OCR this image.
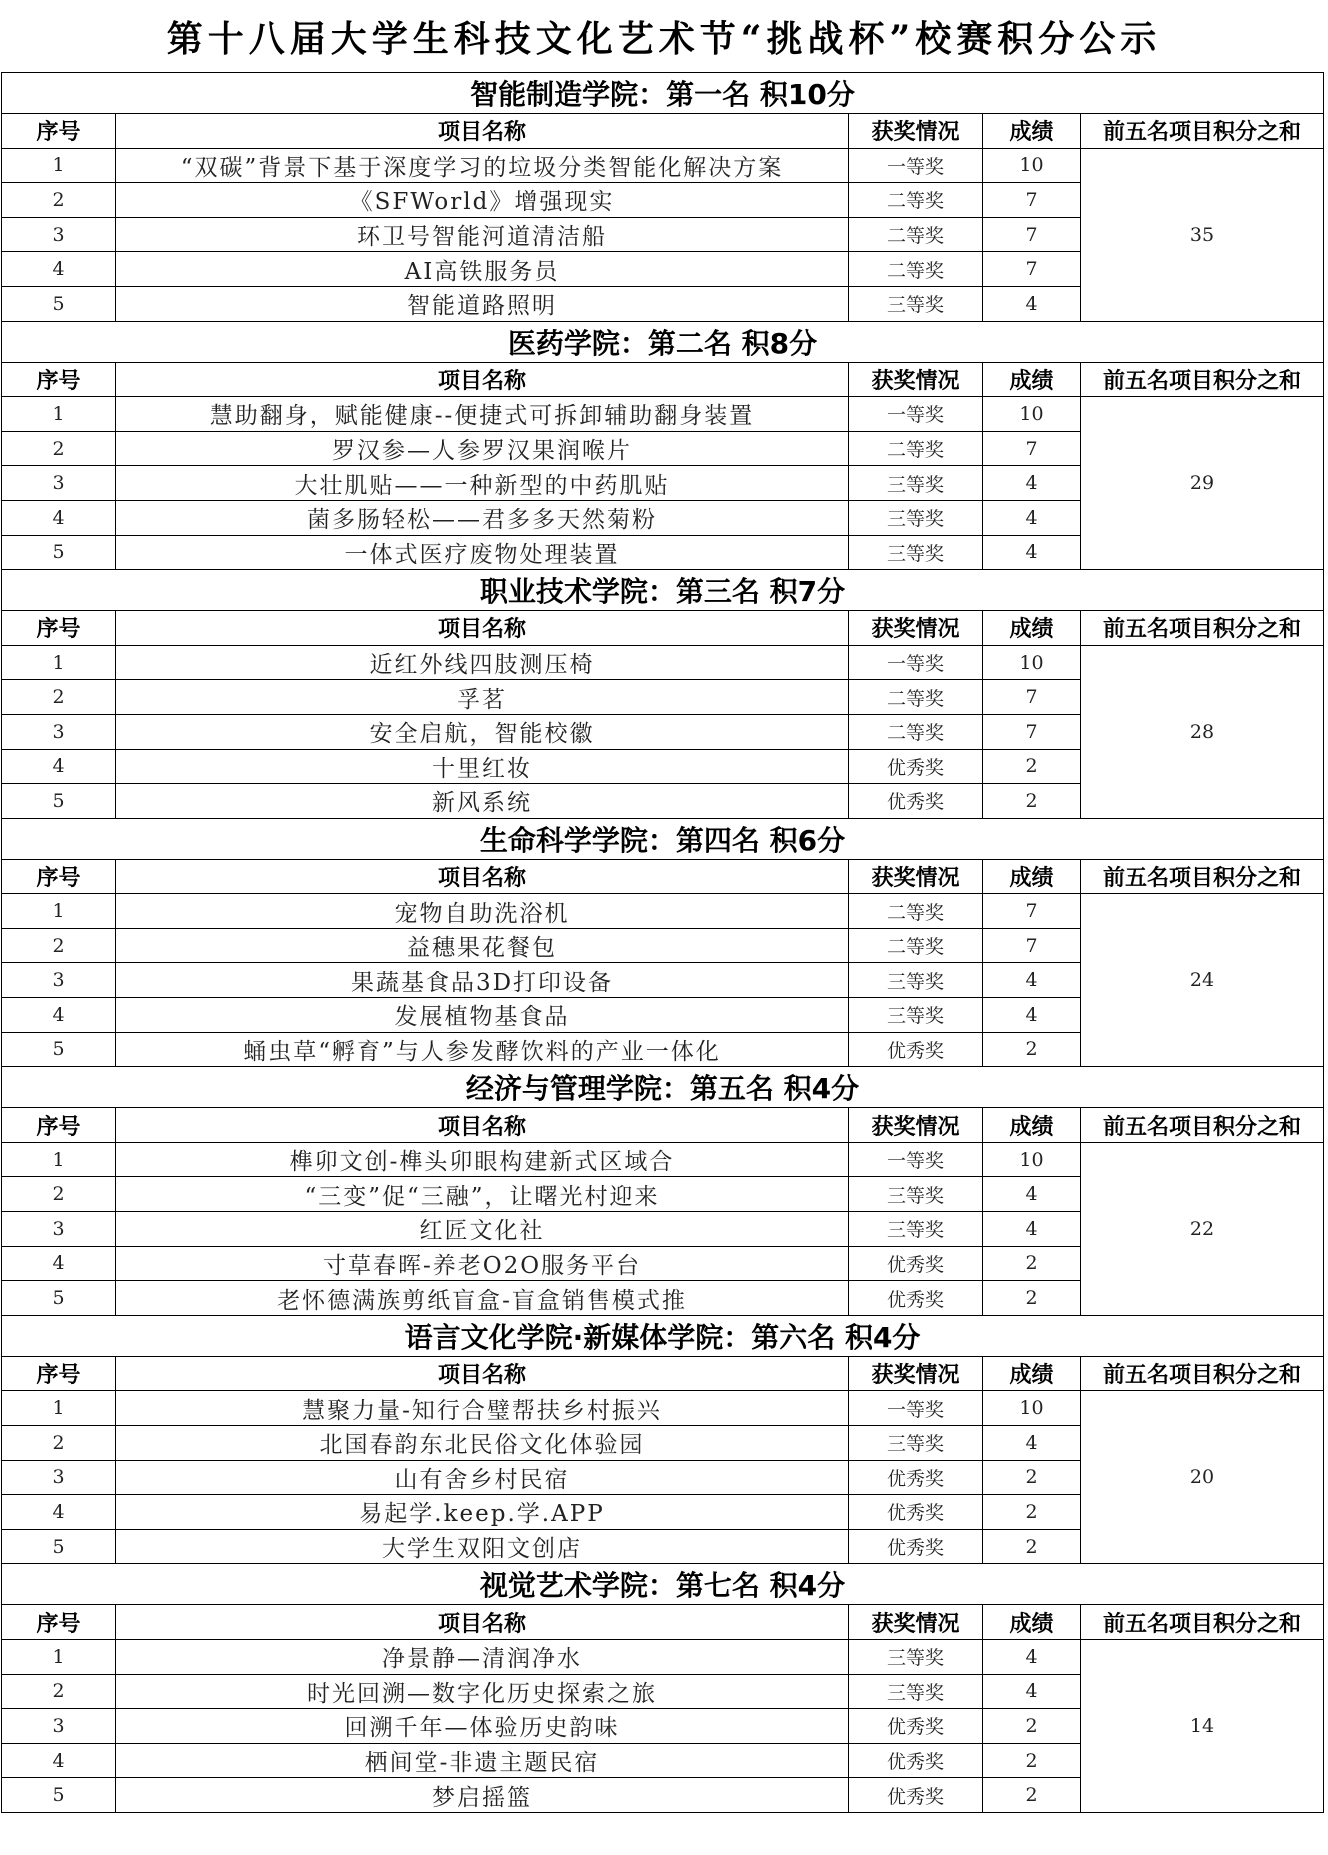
第十八届大学生科技文化艺术节“挑战杯”校赛积分公示
智能制造学院：第一名 积10分				
序号	项目名称	获奖情况	成绩	前五名项目积分之和
1	“双碳”背景下基于深度学习的垃圾分类智能化解决方案	一等奖	10	35
2	《SFWorld》增强现实	二等奖	7	
3	环卫号智能河道清洁船	二等奖	7	
4	AI高铁服务员	二等奖	7	
5	智能道路照明	三等奖	4	
医药学院：第二名 积8分				
序号	项目名称	获奖情况	成绩	前五名项目积分之和
1	慧助翻身，赋能健康--便捷式可拆卸辅助翻身装置	一等奖	10	29
2	罗汉参—人参罗汉果润喉片	二等奖	7	
3	大壮肌贴——一种新型的中药肌贴	三等奖	4	
4	菌多肠轻松——君多多天然菊粉	三等奖	4	
5	一体式医疗废物处理装置	三等奖	4	
职业技术学院：第三名 积7分				
序号	项目名称	获奖情况	成绩	前五名项目积分之和
1	近红外线四肢测压椅	一等奖	10	28
2	孚茗	二等奖	7	
3	安全启航，智能校徽	二等奖	7	
4	十里红妆	优秀奖	2	
5	新风系统	优秀奖	2	
生命科学学院：第四名 积6分				
序号	项目名称	获奖情况	成绩	前五名项目积分之和
1	宠物自助洗浴机	二等奖	7	24
2	益穗果花餐包	二等奖	7	
3	果蔬基食品3D打印设备	三等奖	4	
4	发展植物基食品	三等奖	4	
5	蛹虫草“孵育”与人参发酵饮料的产业一体化	优秀奖	2	
经济与管理学院：第五名 积4分				
序号	项目名称	获奖情况	成绩	前五名项目积分之和
1	榫卯文创-榫头卯眼构建新式区域合	一等奖	10	22
2	“三变”促“三融”，让曙光村迎来	三等奖	4	
3	红匠文化社	三等奖	4	
4	寸草春晖-养老O2O服务平台	优秀奖	2	
5	老怀德满族剪纸盲盒-盲盒销售模式推	优秀奖	2	
语言文化学院·新媒体学院：第六名 积4分				
序号	项目名称	获奖情况	成绩	前五名项目积分之和
1	慧聚力量-知行合璧帮扶乡村振兴	一等奖	10	20
2	北国春韵东北民俗文化体验园	三等奖	4	
3	山有舍乡村民宿	优秀奖	2	
4	易起学.keep.学.APP	优秀奖	2	
5	大学生双阳文创店	优秀奖	2	
视觉艺术学院：第七名 积4分				
序号	项目名称	获奖情况	成绩	前五名项目积分之和
1	净景静—清润净水	三等奖	4	14
2	时光回溯—数字化历史探索之旅	三等奖	4	
3	回溯千年—体验历史韵味	优秀奖	2	
4	栖间堂-非遗主题民宿	优秀奖	2	
5	梦启摇篮	优秀奖	2	
